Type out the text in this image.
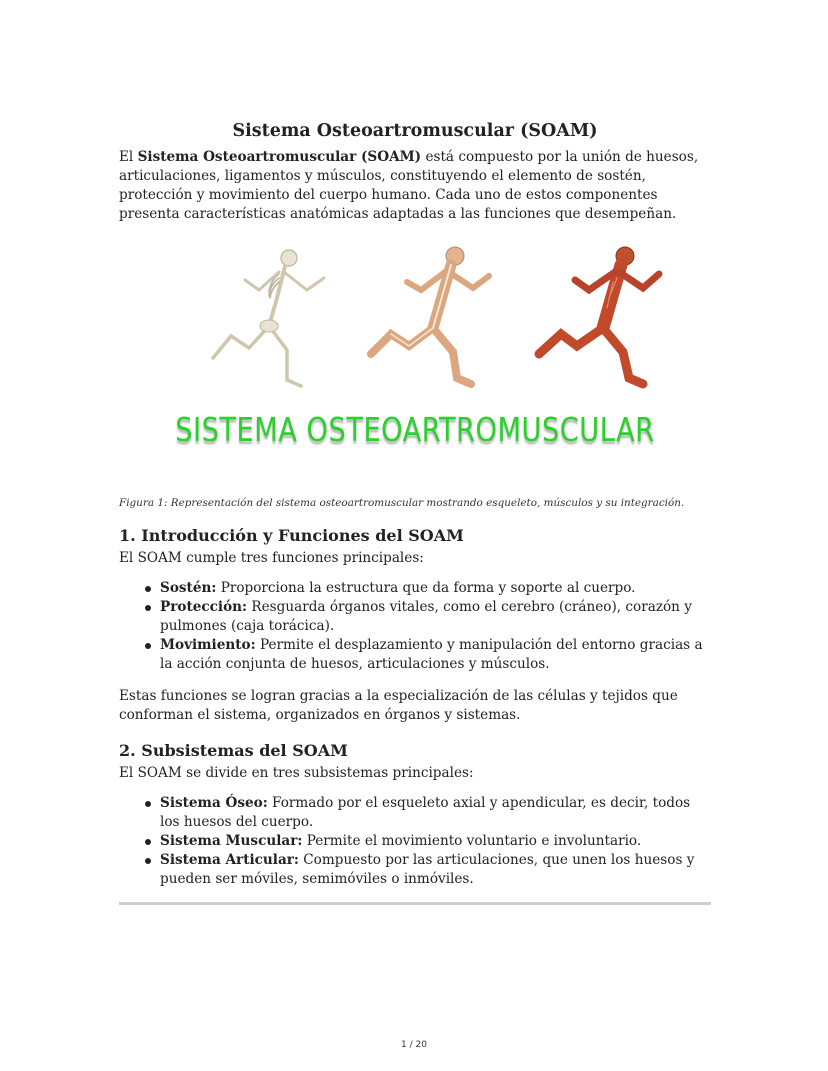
Sistema Osteoartromuscular (SOAM)

El Sistema Osteoartromuscular (SOAM) está compuesto por la unión de huesos, articulaciones, ligamentos y músculos, constituyendo el elemento de sostén, protección y movimiento del cuerpo humano. Cada uno de estos componentes presenta características anatómicas adaptadas a las funciones que desempeñan.

SISTEMA OSTEOARTROMUSCULAR

Figura 1: Representación del sistema osteoartromuscular mostrando esqueleto, músculos y su integración.

1. Introducción y Funciones del SOAM

El SOAM cumple tres funciones principales:

Sostén: Proporciona la estructura que da forma y soporte al cuerpo.
Protección: Resguarda órganos vitales, como el cerebro (cráneo), corazón y pulmones (caja torácica).
Movimiento: Permite el desplazamiento y manipulación del entorno gracias a la acción conjunta de huesos, articulaciones y músculos.

Estas funciones se logran gracias a la especialización de las células y tejidos que conforman el sistema, organizados en órganos y sistemas.

2. Subsistemas del SOAM

El SOAM se divide en tres subsistemas principales:

Sistema Óseo: Formado por el esqueleto axial y apendicular, es decir, todos los huesos del cuerpo.
Sistema Muscular: Permite el movimiento voluntario e involuntario.
Sistema Articular: Compuesto por las articulaciones, que unen los huesos y pueden ser móviles, semimóviles o inmóviles.
1 / 20
